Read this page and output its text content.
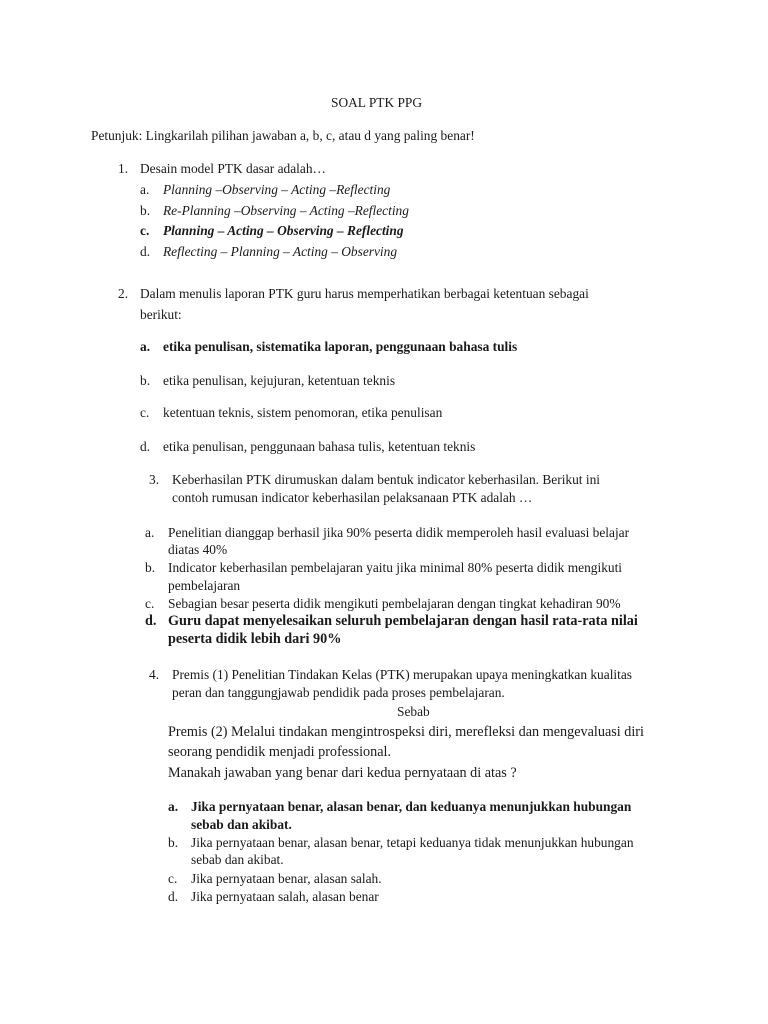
SOAL PTK PPG
Petunjuk: Lingkarilah pilihan jawaban a, b, c, atau d yang paling benar!
1. Desain model PTK dasar adalah…
a. Planning –Observing – Acting –Reflecting
b. Re-Planning –Observing – Acting –Reflecting
c. Planning – Acting – Observing – Reflecting
d. Reflecting – Planning – Acting – Observing
2. Dalam menulis laporan PTK guru harus memperhatikan berbagai ketentuan sebagai
berikut:
a. etika penulisan, sistematika laporan, penggunaan bahasa tulis
b. etika penulisan, kejujuran, ketentuan teknis
c. ketentuan teknis, sistem penomoran, etika penulisan
d. etika penulisan, penggunaan bahasa tulis, ketentuan teknis
3. Keberhasilan PTK dirumuskan dalam bentuk indicator keberhasilan. Berikut ini
contoh rumusan indicator keberhasilan pelaksanaan PTK adalah …
a. Penelitian dianggap berhasil jika 90% peserta didik memperoleh hasil evaluasi belajar
diatas 40%
b. Indicator keberhasilan pembelajaran yaitu jika minimal 80% peserta didik mengikuti
pembelajaran
c. Sebagian besar peserta didik mengikuti pembelajaran dengan tingkat kehadiran 90%
d. Guru dapat menyelesaikan seluruh pembelajaran dengan hasil rata-rata nilai
peserta didik lebih dari 90%
4. Premis (1) Penelitian Tindakan Kelas (PTK) merupakan upaya meningkatkan kualitas
peran dan tanggungjawab pendidik pada proses pembelajaran.
Sebab
Premis (2) Melalui tindakan mengintrospeksi diri, merefleksi dan mengevaluasi diri
seorang pendidik menjadi professional.
Manakah jawaban yang benar dari kedua pernyataan di atas ?
a. Jika pernyataan benar, alasan benar, dan keduanya menunjukkan hubungan
sebab dan akibat.
b. Jika pernyataan benar, alasan benar, tetapi keduanya tidak menunjukkan hubungan
sebab dan akibat.
c. Jika pernyataan benar, alasan salah.
d. Jika pernyataan salah, alasan benar
